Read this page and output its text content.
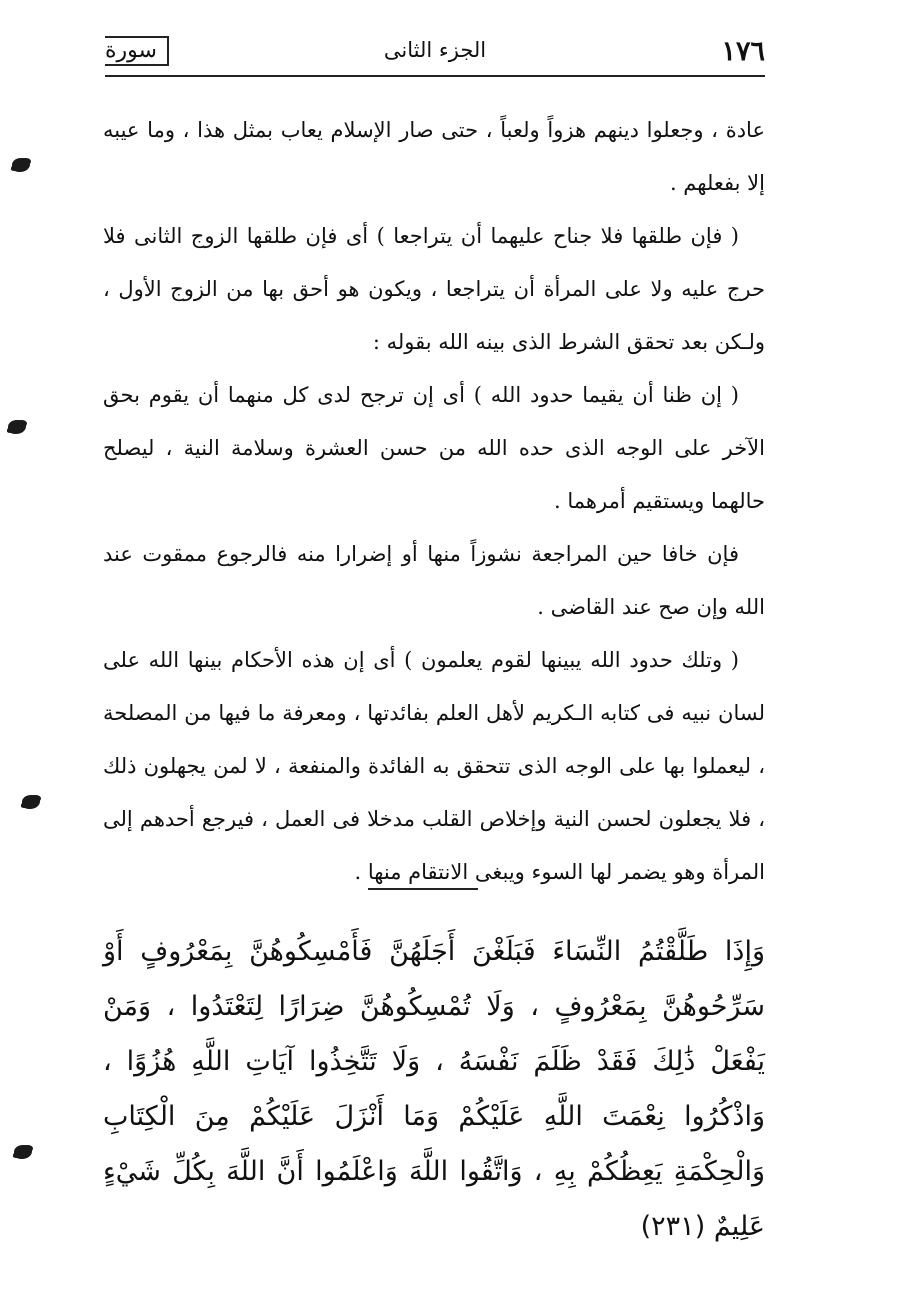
١٧٦
الجزء الثانى
سورة

عادة ، وجعلوا دينهم هزواً ولعباً ، حتى صار الإسلام يعاب بمثل هذا ، وما عيبه إلا بفعلهم .

( فإن طلقها فلا جناح عليهما أن يتراجعا ) أى فإن طلقها الزوج الثانى فلا حرج عليه ولا على المرأة أن يتراجعا ، ويكون هو أحق بها من الزوج الأول ، ولـكن بعد تحقق الشرط الذى بينه الله بقوله :

( إن ظنا أن يقيما حدود الله ) أى إن ترجح لدى كل منهما أن يقوم بحق الآخر على الوجه الذى حده الله من حسن العشرة وسلامة النية ، ليصلح حالهما ويستقيم أمرهما .

فإن خافا حين المراجعة نشوزاً منها أو إضرارا منه فالرجوع ممقوت عند الله وإن صح عند القاضى .

( وتلك حدود الله يبينها لقوم يعلمون ) أى إن هذه الأحكام بينها الله على لسان نبيه فى كتابه الـكريم لأهل العلم بفائدتها ، ومعرفة ما فيها من المصلحة ، ليعملوا بها على الوجه الذى تتحقق به الفائدة والمنفعة ، لا لمن يجهلون ذلك ، فلا يجعلون لحسن النية وإخلاص القلب مدخلا فى العمل ، فيرجع أحدهم إلى المرأة وهو يضمر لها السوء ويبغى الانتقام منها .

وَإِذَا طَلَّقْتُمُ النِّسَاءَ فَبَلَغْنَ أَجَلَهُنَّ فَأَمْسِكُوهُنَّ بِمَعْرُوفٍ أَوْ سَرِّحُوهُنَّ بِمَعْرُوفٍ ، وَلَا تُمْسِكُوهُنَّ ضِرَارًا لِتَعْتَدُوا ، وَمَنْ يَفْعَلْ ذَٰلِكَ فَقَدْ ظَلَمَ نَفْسَهُ ، وَلَا تَتَّخِذُوا آيَاتِ اللَّهِ هُزُوًا ، وَاذْكُرُوا نِعْمَتَ اللَّهِ عَلَيْكُمْ وَمَا أَنْزَلَ عَلَيْكُمْ مِنَ الْكِتَابِ وَالْحِكْمَةِ يَعِظُكُمْ بِهِ ، وَاتَّقُوا اللَّهَ وَاعْلَمُوا أَنَّ اللَّهَ بِكُلِّ شَيْءٍ عَلِيمٌ (٢٣١)
